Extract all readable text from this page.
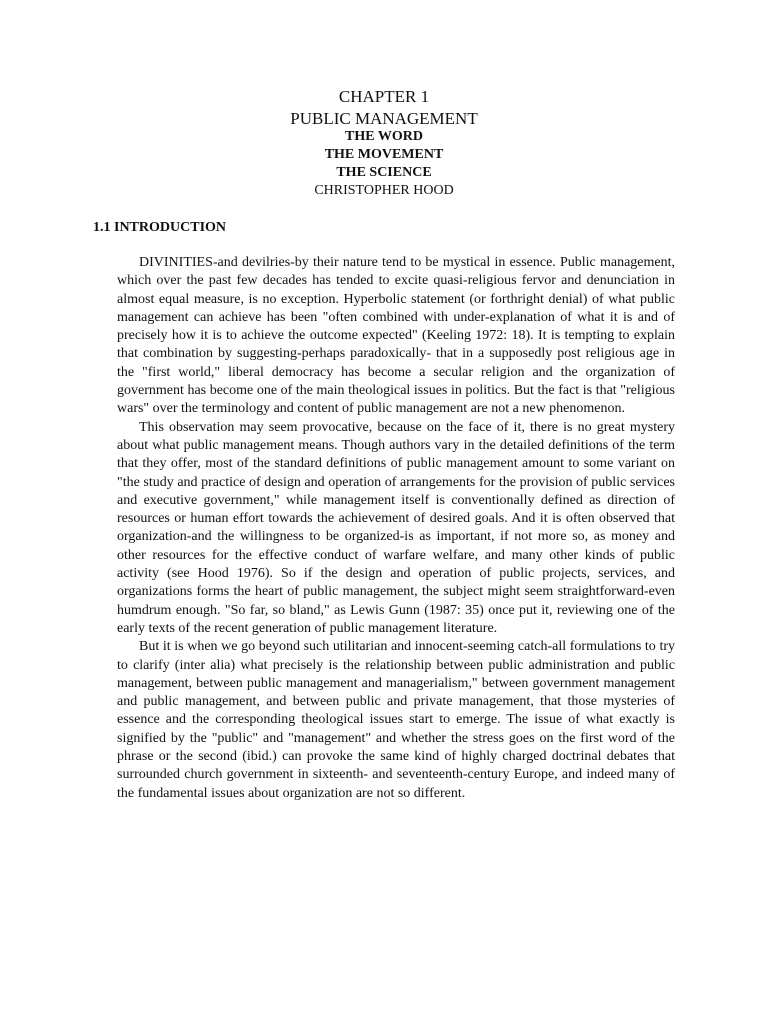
CHAPTER 1
PUBLIC MANAGEMENT
THE WORD
THE MOVEMENT
THE SCIENCE
CHRISTOPHER HOOD
1.1 INTRODUCTION

DIVINITIES-and devilries-by their nature tend to be mystical in essence. Public management, which over the past few decades has tended to excite quasi-religious fervor and denunciation in almost equal measure, is no exception. Hyperbolic statement (or forthright denial) of what public management can achieve has been "often combined with under-explanation of what it is and of precisely how it is to achieve the outcome expected" (Keeling 1972: 18). It is tempting to explain that combination by suggesting-perhaps paradoxically- that in a supposedly post religious age in the "first world," liberal democracy has become a secular religion and the organization of government has become one of the main theological issues in politics. But the fact is that "religious wars" over the terminology and content of public management are not a new phenomenon.

This observation may seem provocative, because on the face of it, there is no great mystery about what public management means. Though authors vary in the detailed definitions of the term that they offer, most of the standard definitions of public management amount to some variant on "the study and practice of design and operation of arrangements for the provision of public services and executive government," while management itself is conventionally defined as direction of resources or human effort towards the achievement of desired goals. And it is often observed that organization-and the willingness to be organized-is as important, if not more so, as money and other resources for the effective conduct of warfare welfare, and many other kinds of public activity (see Hood 1976). So if the design and operation of public projects, services, and organizations forms the heart of public management, the subject might seem straightforward-even humdrum enough. "So far, so bland," as Lewis Gunn (1987: 35) once put it, reviewing one of the early texts of the recent generation of public management literature.

But it is when we go beyond such utilitarian and innocent-seeming catch-all formulations to try to clarify (inter alia) what precisely is the relationship between public administration and public management, between public management and managerialism," between government management and public management, and between public and private management, that those mysteries of essence and the corresponding theological issues start to emerge. The issue of what exactly is signified by the "public" and "management" and whether the stress goes on the first word of the phrase or the second (ibid.) can provoke the same kind of highly charged doctrinal debates that surrounded church government in sixteenth- and seventeenth-century Europe, and indeed many of the fundamental issues about organization are not so different.
